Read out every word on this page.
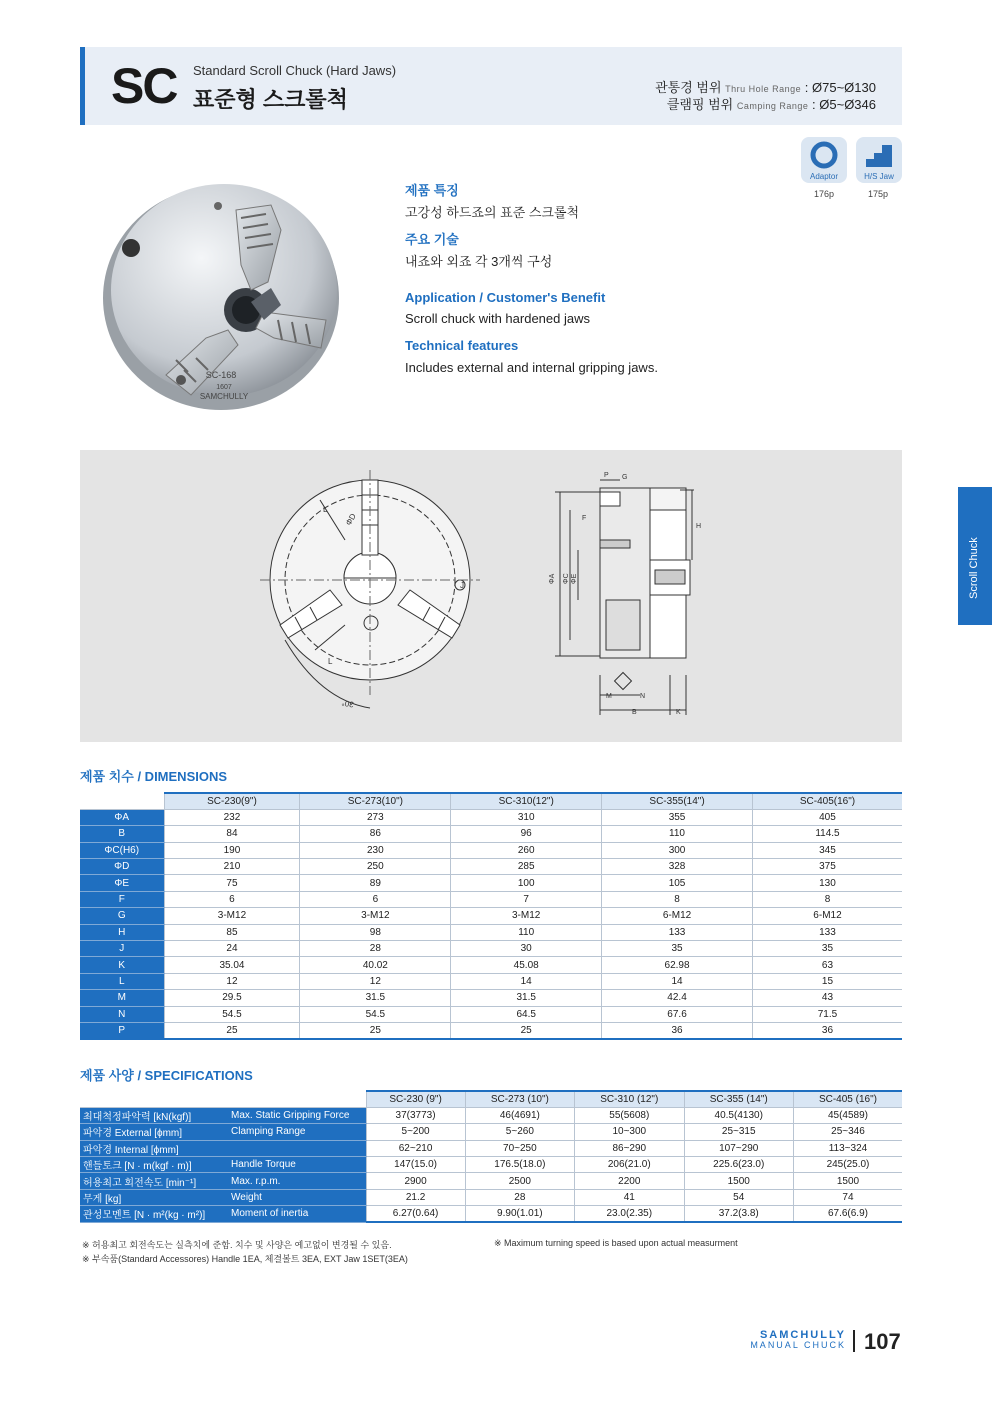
SC Standard Scroll Chuck (Hard Jaws)
표준형 스크롤척	관통경 범위 Thru Hole Range : Ø75~Ø130
클램핑 범위 Camping Range : Ø5~Ø346
Adaptor
176p
H/S Jaw
175p
Scroll Chuck
SC-168
1607
SAMCHULLY
제품 특징
고강성 하드죠의 표준 스크롤척
주요 기술
내죠와 외죠 각 3개씩 구성
Application / Customer's Benefit
Scroll chuck with hardened jaws
Technical features
Includes external and internal gripping jaws.
ΦD
L
J
L
30°
P G
F
H
ΦA ΦC ΦE
M	N
B	K
제품 치수 / DIMENSIONS
	SC-230(9")	SC-273(10")	SC-310(12")	SC-355(14")	SC-405(16")
ΦA	232	273	310	355	405
B	84	86	96	110	114.5
ΦC(H6)	190	230	260	300	345
ΦD	210	250	285	328	375
ΦE	75	89	100	105	130
F	6	6	7	8	8
G	3-M12	3-M12	3-M12	6-M12	6-M12
H	85	98	110	133	133
J	24	28	30	35	35
K	35.04	40.02	45.08	62.98	63
L	12	12	14	14	15
M	29.5	31.5	31.5	42.4	43
N	54.5	54.5	64.5	67.6	71.5
P	25	25	25	36	36
제품 사양 / SPECIFICATIONS
		SC-230 (9")	SC-273 (10")	SC-310 (12")	SC-355 (14")	SC-405 (16")
최대척정파악력 [kN(kgf)]	Max. Static Gripping Force	37(3773)	46(4691)	55(5608)	40.5(4130)	45(4589)
파악경 External [ϕmm]	Clamping Range	5~200	5~260	10~300	25~315	25~346
파악경 Internal [ϕmm]		62~210	70~250	86~290	107~290	113~324
핸들토크 [N · m(kgf · m)]	Handle Torque	147(15.0)	176.5(18.0)	206(21.0)	225.6(23.0)	245(25.0)
허용최고 회전속도 [min⁻¹]	Max. r.p.m.	2900	2500	2200	1500	1500
무게 [kg]	Weight	21.2	28	41	54	74
관성모멘트 [N · m²(kg · m²)]	Moment of inertia	6.27(0.64)	9.90(1.01)	23.0(2.35)	37.2(3.8)	67.6(6.9)
※ 허용최고 회전속도는 실측치에 준함. 치수 및 사양은 예고없이 변경될 수 있음.
※ 부속품(Standard Accessores) Handle 1EA, 체결볼트 3EA, EXT Jaw 1SET(3EA)
※ Maximum turning speed is based upon actual measurment
SAMCHULLY
MANUAL CHUCK 107
